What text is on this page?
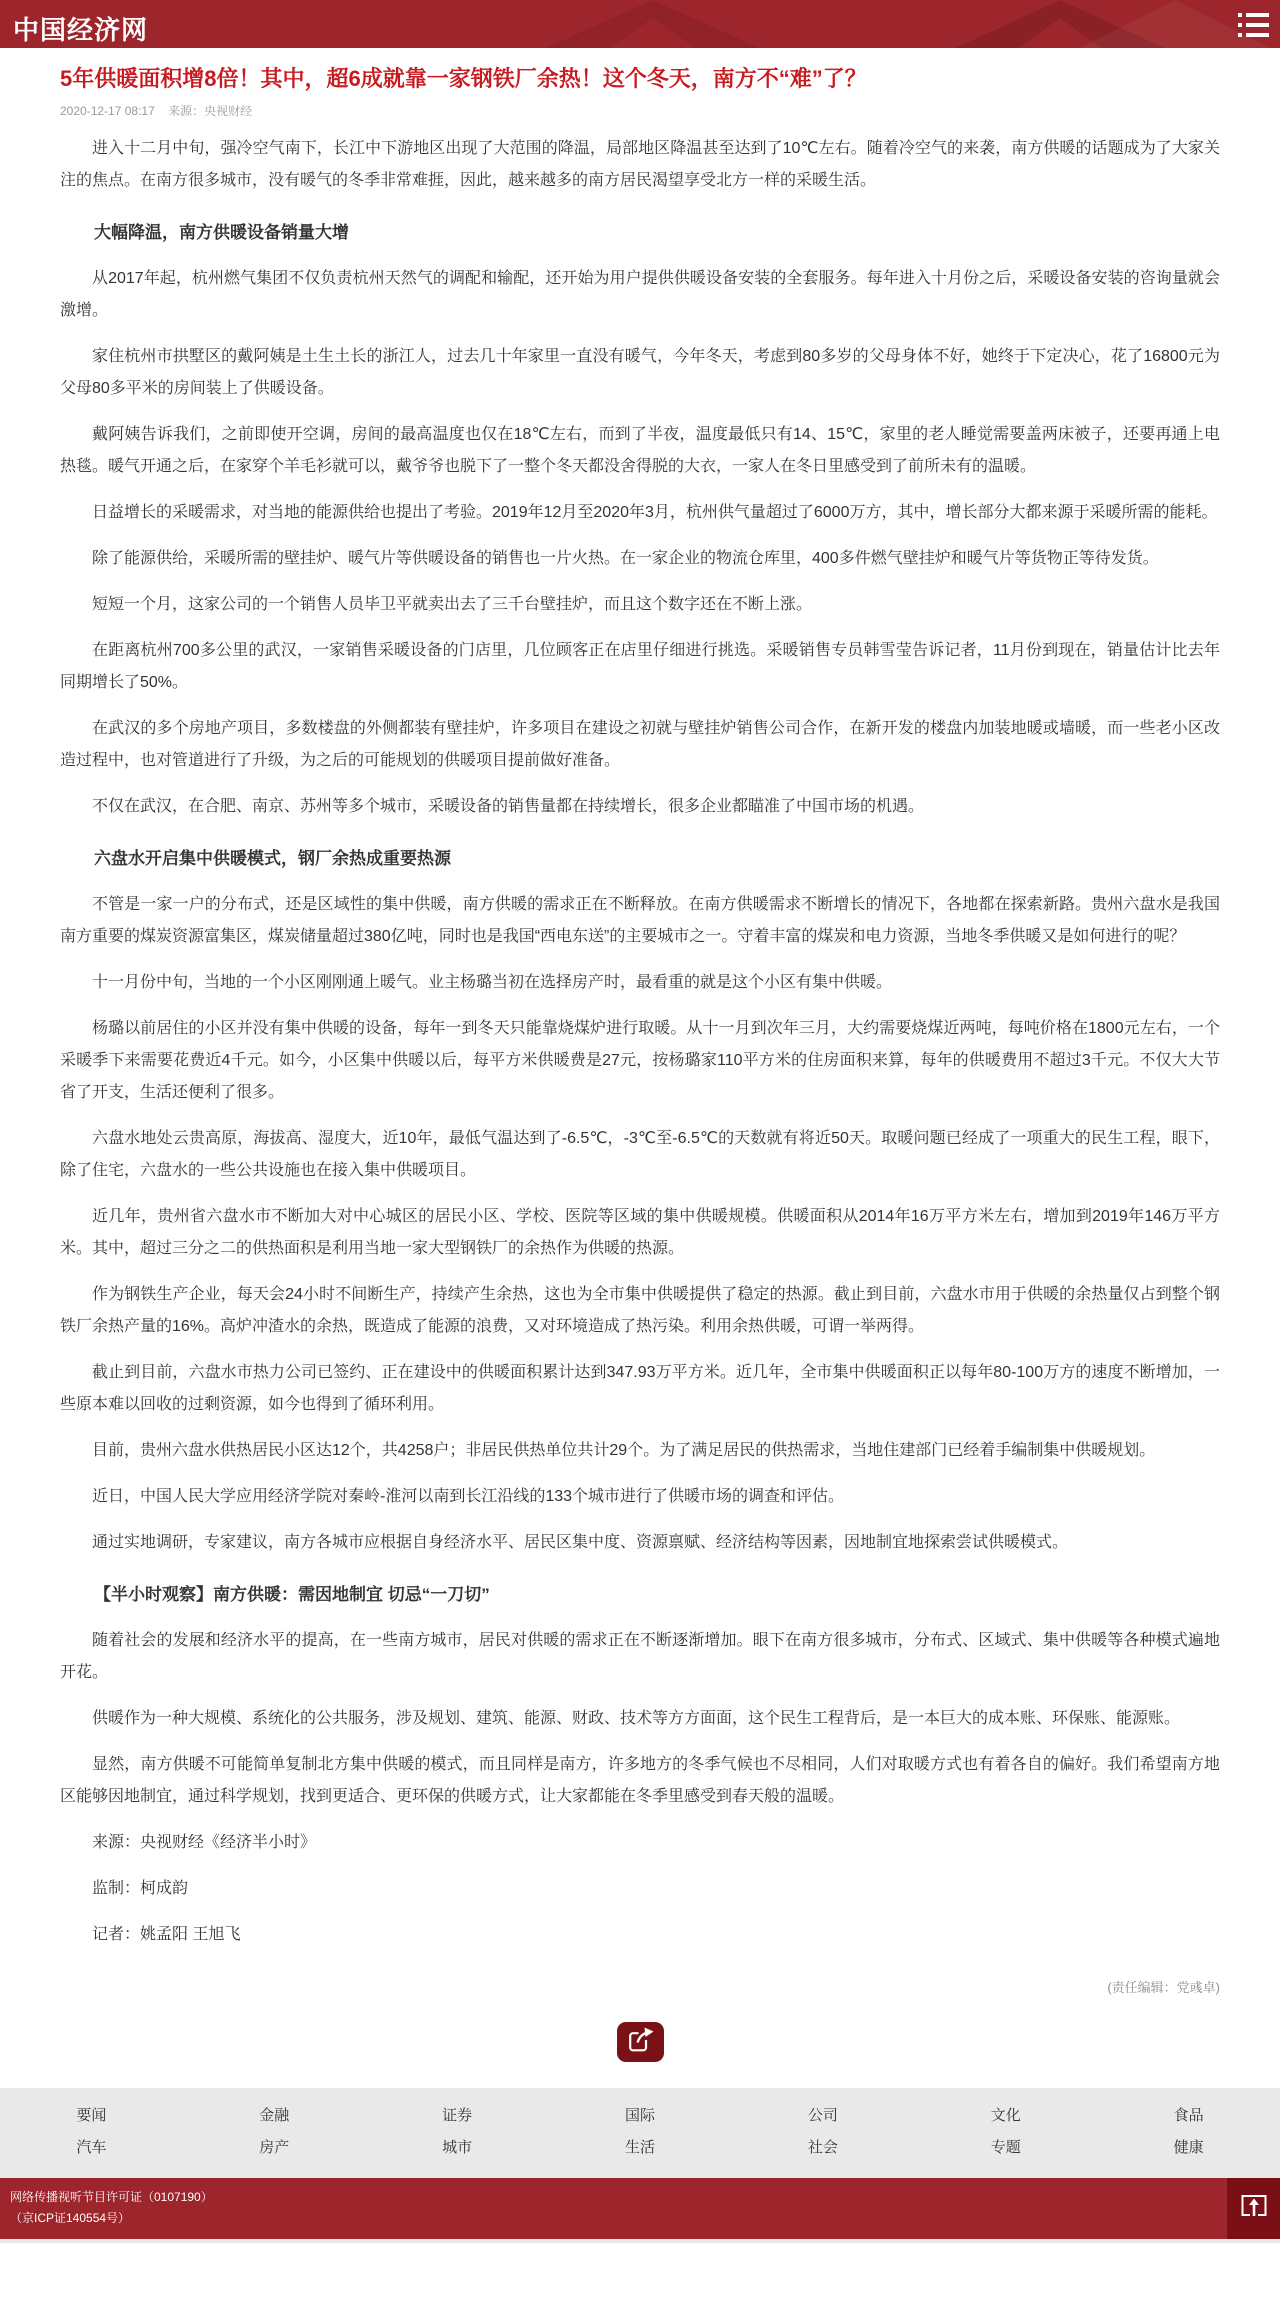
中国经济网
5年供暖面积增8倍！其中，超6成就靠一家钢铁厂余热！这个冬天，南方不“难”了？
2020-12-17 08:17 来源：央视财经

进入十二月中旬，强冷空气南下，长江中下游地区出现了大范围的降温，局部地区降温甚至达到了10℃左右。随着冷空气的来袭，南方供暖的话题成为了大家关注的焦点。在南方很多城市，没有暖气的冬季非常难捱，因此，越来越多的南方居民渴望享受北方一样的采暖生活。

大幅降温，南方供暖设备销量大增

从2017年起，杭州燃气集团不仅负责杭州天然气的调配和输配，还开始为用户提供供暖设备安装的全套服务。每年进入十月份之后，采暖设备安装的咨询量就会激增。

家住杭州市拱墅区的戴阿姨是土生土长的浙江人，过去几十年家里一直没有暖气，今年冬天，考虑到80多岁的父母身体不好，她终于下定决心，花了16800元为父母80多平米的房间装上了供暖设备。

戴阿姨告诉我们，之前即使开空调，房间的最高温度也仅在18℃左右，而到了半夜，温度最低只有14、15℃，家里的老人睡觉需要盖两床被子，还要再通上电热毯。暖气开通之后，在家穿个羊毛衫就可以，戴爷爷也脱下了一整个冬天都没舍得脱的大衣，一家人在冬日里感受到了前所未有的温暖。

日益增长的采暖需求，对当地的能源供给也提出了考验。2019年12月至2020年3月，杭州供气量超过了6000万方，其中，增长部分大都来源于采暖所需的能耗。

除了能源供给，采暖所需的壁挂炉、暖气片等供暖设备的销售也一片火热。在一家企业的物流仓库里，400多件燃气壁挂炉和暖气片等货物正等待发货。

短短一个月，这家公司的一个销售人员毕卫平就卖出去了三千台壁挂炉，而且这个数字还在不断上涨。

在距离杭州700多公里的武汉，一家销售采暖设备的门店里，几位顾客正在店里仔细进行挑选。采暖销售专员韩雪莹告诉记者，11月份到现在，销量估计比去年同期增长了50%。

在武汉的多个房地产项目，多数楼盘的外侧都装有壁挂炉，许多项目在建设之初就与壁挂炉销售公司合作，在新开发的楼盘内加装地暖或墙暖，而一些老小区改造过程中，也对管道进行了升级，为之后的可能规划的供暖项目提前做好准备。

不仅在武汉，在合肥、南京、苏州等多个城市，采暖设备的销售量都在持续增长，很多企业都瞄准了中国市场的机遇。

六盘水开启集中供暖模式，钢厂余热成重要热源

不管是一家一户的分布式，还是区域性的集中供暖，南方供暖的需求正在不断释放。在南方供暖需求不断增长的情况下，各地都在探索新路。贵州六盘水是我国南方重要的煤炭资源富集区，煤炭储量超过380亿吨，同时也是我国“西电东送”的主要城市之一。守着丰富的煤炭和电力资源，当地冬季供暖又是如何进行的呢？

十一月份中旬，当地的一个小区刚刚通上暖气。业主杨璐当初在选择房产时，最看重的就是这个小区有集中供暖。

杨璐以前居住的小区并没有集中供暖的设备，每年一到冬天只能靠烧煤炉进行取暖。从十一月到次年三月，大约需要烧煤近两吨，每吨价格在1800元左右，一个采暖季下来需要花费近4千元。如今，小区集中供暖以后，每平方米供暖费是27元，按杨璐家110平方米的住房面积来算，每年的供暖费用不超过3千元。不仅大大节省了开支，生活还便利了很多。

六盘水地处云贵高原，海拔高、湿度大，近10年，最低气温达到了-6.5℃，-3℃至-6.5℃的天数就有将近50天。取暖问题已经成了一项重大的民生工程，眼下，除了住宅，六盘水的一些公共设施也在接入集中供暖项目。

近几年，贵州省六盘水市不断加大对中心城区的居民小区、学校、医院等区域的集中供暖规模。供暖面积从2014年16万平方米左右，增加到2019年146万平方米。其中，超过三分之二的供热面积是利用当地一家大型钢铁厂的余热作为供暖的热源。

作为钢铁生产企业，每天会24小时不间断生产，持续产生余热，这也为全市集中供暖提供了稳定的热源。截止到目前，六盘水市用于供暖的余热量仅占到整个钢铁厂余热产量的16%。高炉冲渣水的余热，既造成了能源的浪费，又对环境造成了热污染。利用余热供暖，可谓一举两得。

截止到目前，六盘水市热力公司已签约、正在建设中的供暖面积累计达到347.93万平方米。近几年，全市集中供暖面积正以每年80-100万方的速度不断增加，一些原本难以回收的过剩资源，如今也得到了循环利用。

目前，贵州六盘水供热居民小区达12个，共4258户；非居民供热单位共计29个。为了满足居民的供热需求，当地住建部门已经着手编制集中供暖规划。

近日，中国人民大学应用经济学院对秦岭-淮河以南到长江沿线的133个城市进行了供暖市场的调查和评估。

通过实地调研，专家建议，南方各城市应根据自身经济水平、居民区集中度、资源禀赋、经济结构等因素，因地制宜地探索尝试供暖模式。

【半小时观察】南方供暖：需因地制宜 切忌“一刀切”

随着社会的发展和经济水平的提高，在一些南方城市，居民对供暖的需求正在不断逐渐增加。眼下在南方很多城市，分布式、区域式、集中供暖等各种模式遍地开花。

供暖作为一种大规模、系统化的公共服务，涉及规划、建筑、能源、财政、技术等方方面面，这个民生工程背后，是一本巨大的成本账、环保账、能源账。

显然，南方供暖不可能简单复制北方集中供暖的模式，而且同样是南方，许多地方的冬季气候也不尽相同，人们对取暖方式也有着各自的偏好。我们希望南方地区能够因地制宜，通过科学规划，找到更适合、更环保的供暖方式，让大家都能在冬季里感受到春天般的温暖。

来源：央视财经《经济半小时》

监制：柯成韵

记者：姚孟阳 王旭飞

(责任编辑：党彧卓)
要闻	金融	证券	国际	公司	文化	食品
汽车	房产	城市	生活	社会	专题	健康
网络传播视听节目许可证（0107190）
（京ICP证140554号）
